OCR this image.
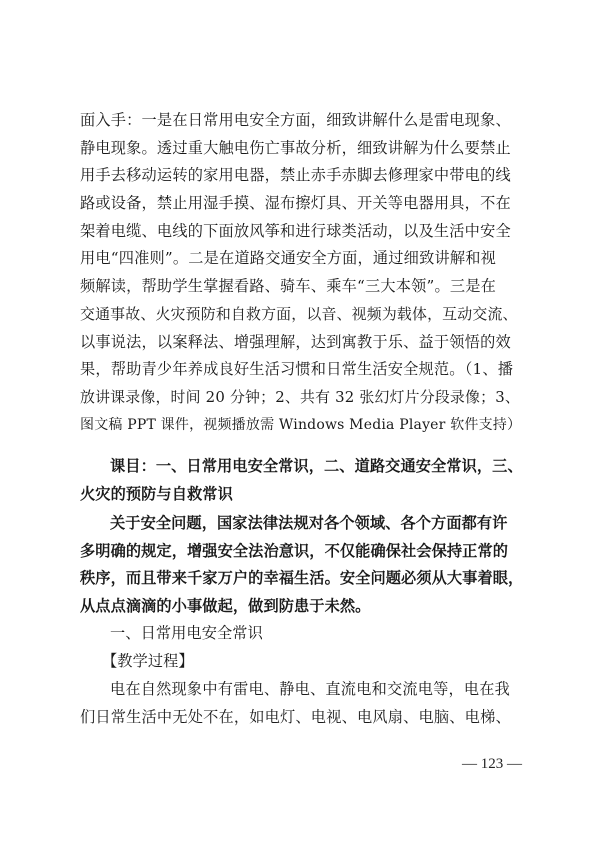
面入手：一是在日常用电安全方面，细致讲解什么是雷电现象、
静电现象。透过重大触电伤亡事故分析，细致讲解为什么要禁止
用手去移动运转的家用电器，禁止赤手赤脚去修理家中带电的线
路或设备，禁止用湿手摸、湿布擦灯具、开关等电器用具，不在
架着电缆、电线的下面放风筝和进行球类活动，以及生活中安全
用电“四准则”。二是在道路交通安全方面，通过细致讲解和视
频解读，帮助学生掌握看路、骑车、乘车“三大本领”。三是在
交通事故、火灾预防和自救方面，以音、视频为载体，互动交流、
以事说法，以案释法、增强理解，达到寓教于乐、益于领悟的效
果，帮助青少年养成良好生活习惯和日常生活安全规范。（1、播
放讲课录像，时间 20 分钟；2、共有 32 张幻灯片分段录像；3、
图文稿 PPT 课件，视频播放需 Windows Media Player 软件支持）
课目：一、日常用电安全常识，二、道路交通安全常识，三、
火灾的预防与自救常识
关于安全问题，国家法律法规对各个领域、各个方面都有许
多明确的规定，增强安全法治意识，不仅能确保社会保持正常的
秩序，而且带来千家万户的幸福生活。安全问题必须从大事着眼，
从点点滴滴的小事做起，做到防患于未然。
一、日常用电安全常识
【教学过程】
电在自然现象中有雷电、静电、直流电和交流电等，电在我
们日常生活中无处不在，如电灯、电视、电风扇、电脑、电梯、
— 123 —
